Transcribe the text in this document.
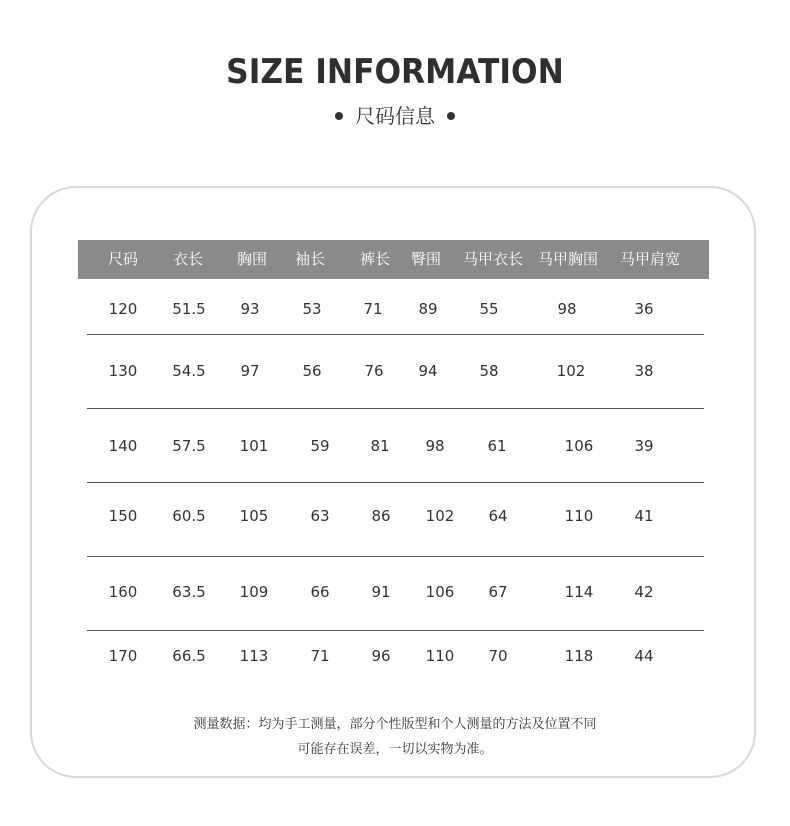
SIZE INFORMATION
尺码信息
尺码 衣长 胸围 袖长 裤长 臀围 马甲衣长 马甲胸围 马甲肩宽
120 51.5 93	53	71 89	55	98	36
130 54.5 97	56	76 94	58	102	38
140 57.5 101	59	81 98	61	106	39
150 60.5 105	63	86 102 64	110	41
160 63.5 109	66	91 106 67	114	42
170 66.5 113	71	96 110 70	118	44
测量数据：均为手工测量，部分个性版型和个人测量的方法及位置不同
可能存在误差，一切以实物为准。
